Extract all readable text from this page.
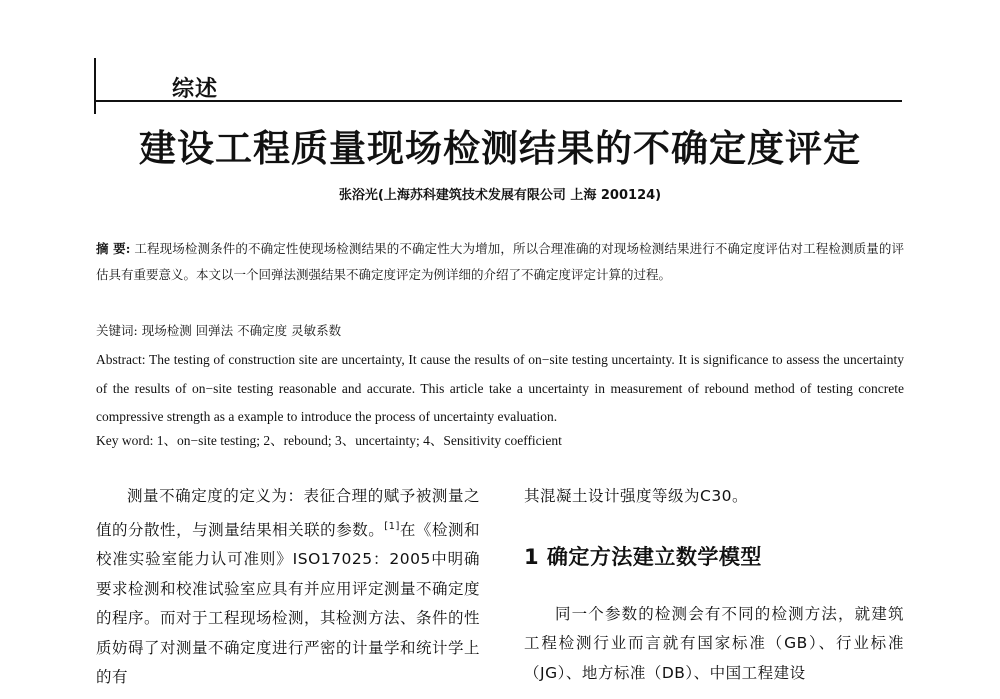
综述
建设工程质量现场检测结果的不确定度评定
张浴光(上海苏科建筑技术发展有限公司 上海 200124)
摘 要: 工程现场检测条件的不确定性使现场检测结果的不确定性大为增加，所以合理准确的对现场检测结果进行不确定度评估对工程检测质量的评估具有重要意义。本文以一个回弹法测强结果不确定度评定为例详细的介绍了不确定度评定计算的过程。
关键词: 现场检测 回弹法 不确定度 灵敏系数
Abstract: The testing of construction site are uncertainty, It cause the results of on−site testing uncertainty. It is significance to assess the uncertainty of the results of on−site testing reasonable and accurate. This article take a uncertainty in measurement of rebound method of testing concrete compressive strength as a example to introduce the process of uncertainty evaluation.
Key word: 1、on−site testing; 2、rebound; 3、uncertainty; 4、Sensitivity coefficient

测量不确定度的定义为：表征合理的赋予被测量之值的分散性，与测量结果相关联的参数。[1]在《检测和校准实验室能力认可准则》ISO17025：2005中明确要求检测和校准试验室应具有并应用评定测量不确定度的程序。而对于工程现场检测，其检测方法、条件的性质妨碍了对测量不确定度进行严密的计量学和统计学上的有

其混凝土设计强度等级为C30。

1 确定方法建立数学模型

同一个参数的检测会有不同的检测方法，就建筑工程检测行业而言就有国家标准（GB）、行业标准（JG）、地方标准（DB）、中国工程建设
